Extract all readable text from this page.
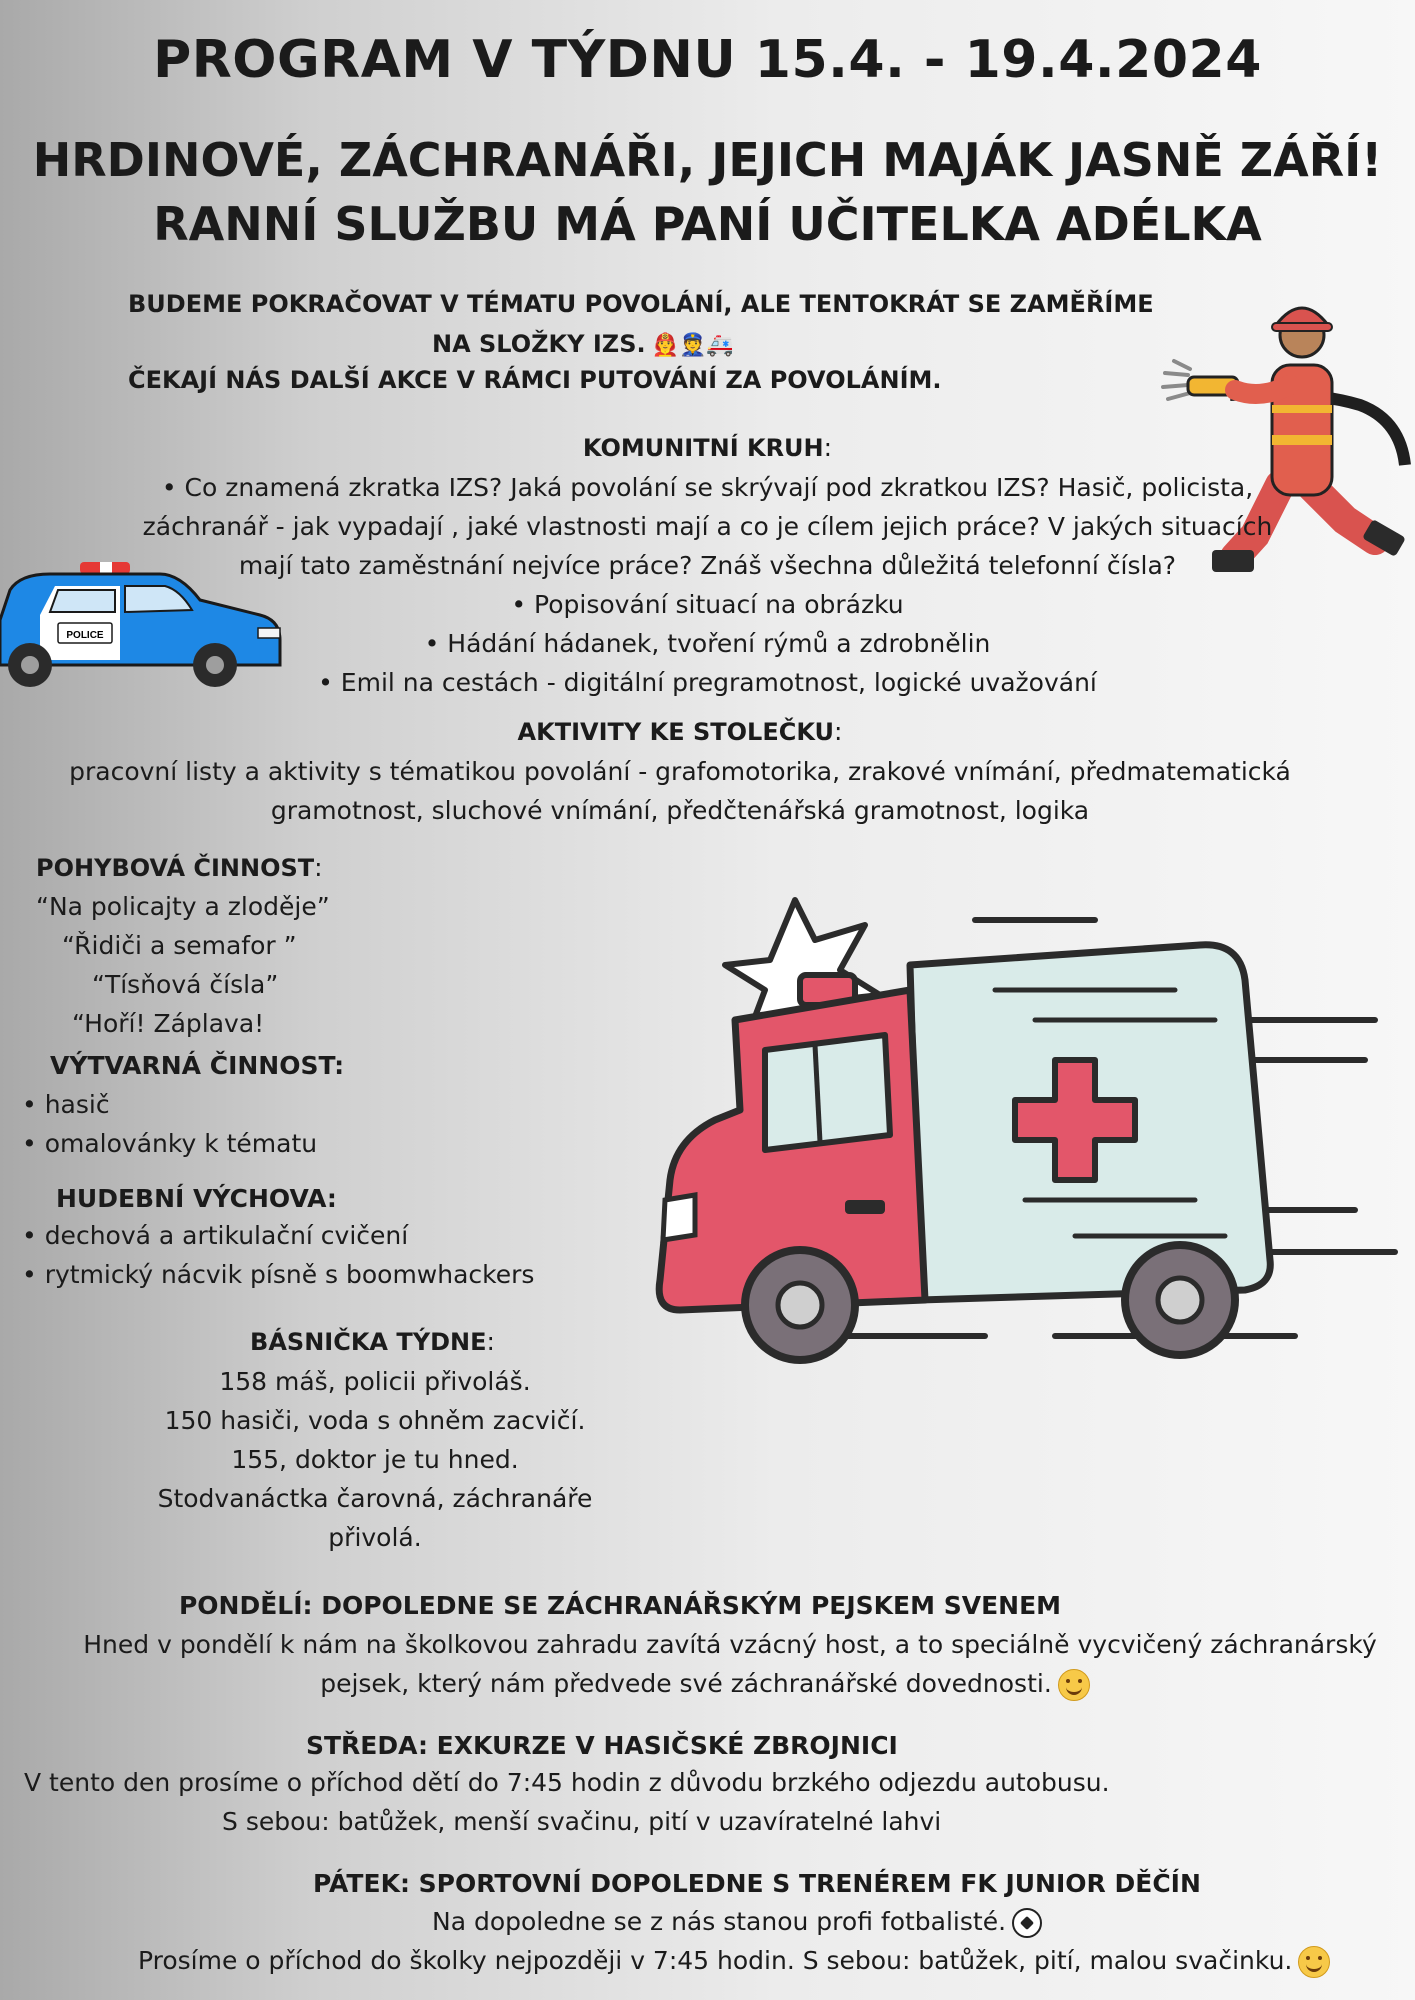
PROGRAM V TÝDNU 15.4. - 19.4.2024
HRDINOVÉ, ZÁCHRANÁŘI, JEJICH MAJÁK JASNĚ ZÁŘÍ!
RANNÍ SLUŽBU MÁ PANÍ UČITELKA ADÉLKA
BUDEME POKRAČOVAT V TÉMATU POVOLÁNÍ, ALE TENTOKRÁT SE ZAMĚŘÍME
NA SLOŽKY IZS. 👨‍🚒👮🚑
ČEKAJÍ NÁS DALŠÍ AKCE V RÁMCI PUTOVÁNÍ ZA POVOLÁNÍM.
POLICE
KOMUNITNÍ KRUH:
• Co znamená zkratka IZS? Jaká povolání se skrývají pod zkratkou IZS? Hasič, policista,
záchranář - jak vypadají , jaké vlastnosti mají a co je cílem jejich práce? V jakých situacích
mají tato zaměstnání nejvíce práce? Znáš všechna důležitá telefonní čísla?
• Popisování situací na obrázku
• Hádání hádanek, tvoření rýmů a zdrobnělin
• Emil na cestách - digitální pregramotnost, logické uvažování
AKTIVITY KE STOLEČKU:
pracovní listy a aktivity s tématikou povolání - grafomotorika, zrakové vnímání, předmatematická
gramotnost, sluchové vnímání, předčtenářská gramotnost, logika
POHYBOVÁ ČINNOST:
“Na policajty a zloděje”
“Řidiči a semafor ”
“Tísňová čísla”
“Hoří! Záplava!
VÝTVARNÁ ČINNOST:
• hasič
• omalovánky k tématu
HUDEBNÍ VÝCHOVA:
• dechová a artikulační cvičení
• rytmický nácvik písně s boomwhackers
BÁSNIČKA TÝDNE:
158 máš, policii přivoláš.
150 hasiči, voda s ohněm zacvičí.
155, doktor je tu hned.
Stodvanáctka čarovná, záchranáře
přivolá.
PONDĚLÍ: DOPOLEDNE SE ZÁCHRANÁŘSKÝM PEJSKEM SVENEM
Hned v pondělí k nám na školkovou zahradu zavítá vzácný host, a to speciálně vycvičený záchranárský
pejsek, který nám předvede své záchranářské dovednosti.
STŘEDA: EXKURZE V HASIČSKÉ ZBROJNICI
V tento den prosíme o příchod dětí do 7:45 hodin z důvodu brzkého odjezdu autobusu.
S sebou: batůžek, menší svačinu, pití v uzavíratelné lahvi
PÁTEK: SPORTOVNÍ DOPOLEDNE S TRENÉREM FK JUNIOR DĚČÍN
Na dopoledne se z nás stanou profi fotbalisté.
Prosíme o příchod do školky nejpozději v 7:45 hodin. S sebou: batůžek, pití, malou svačinku.
